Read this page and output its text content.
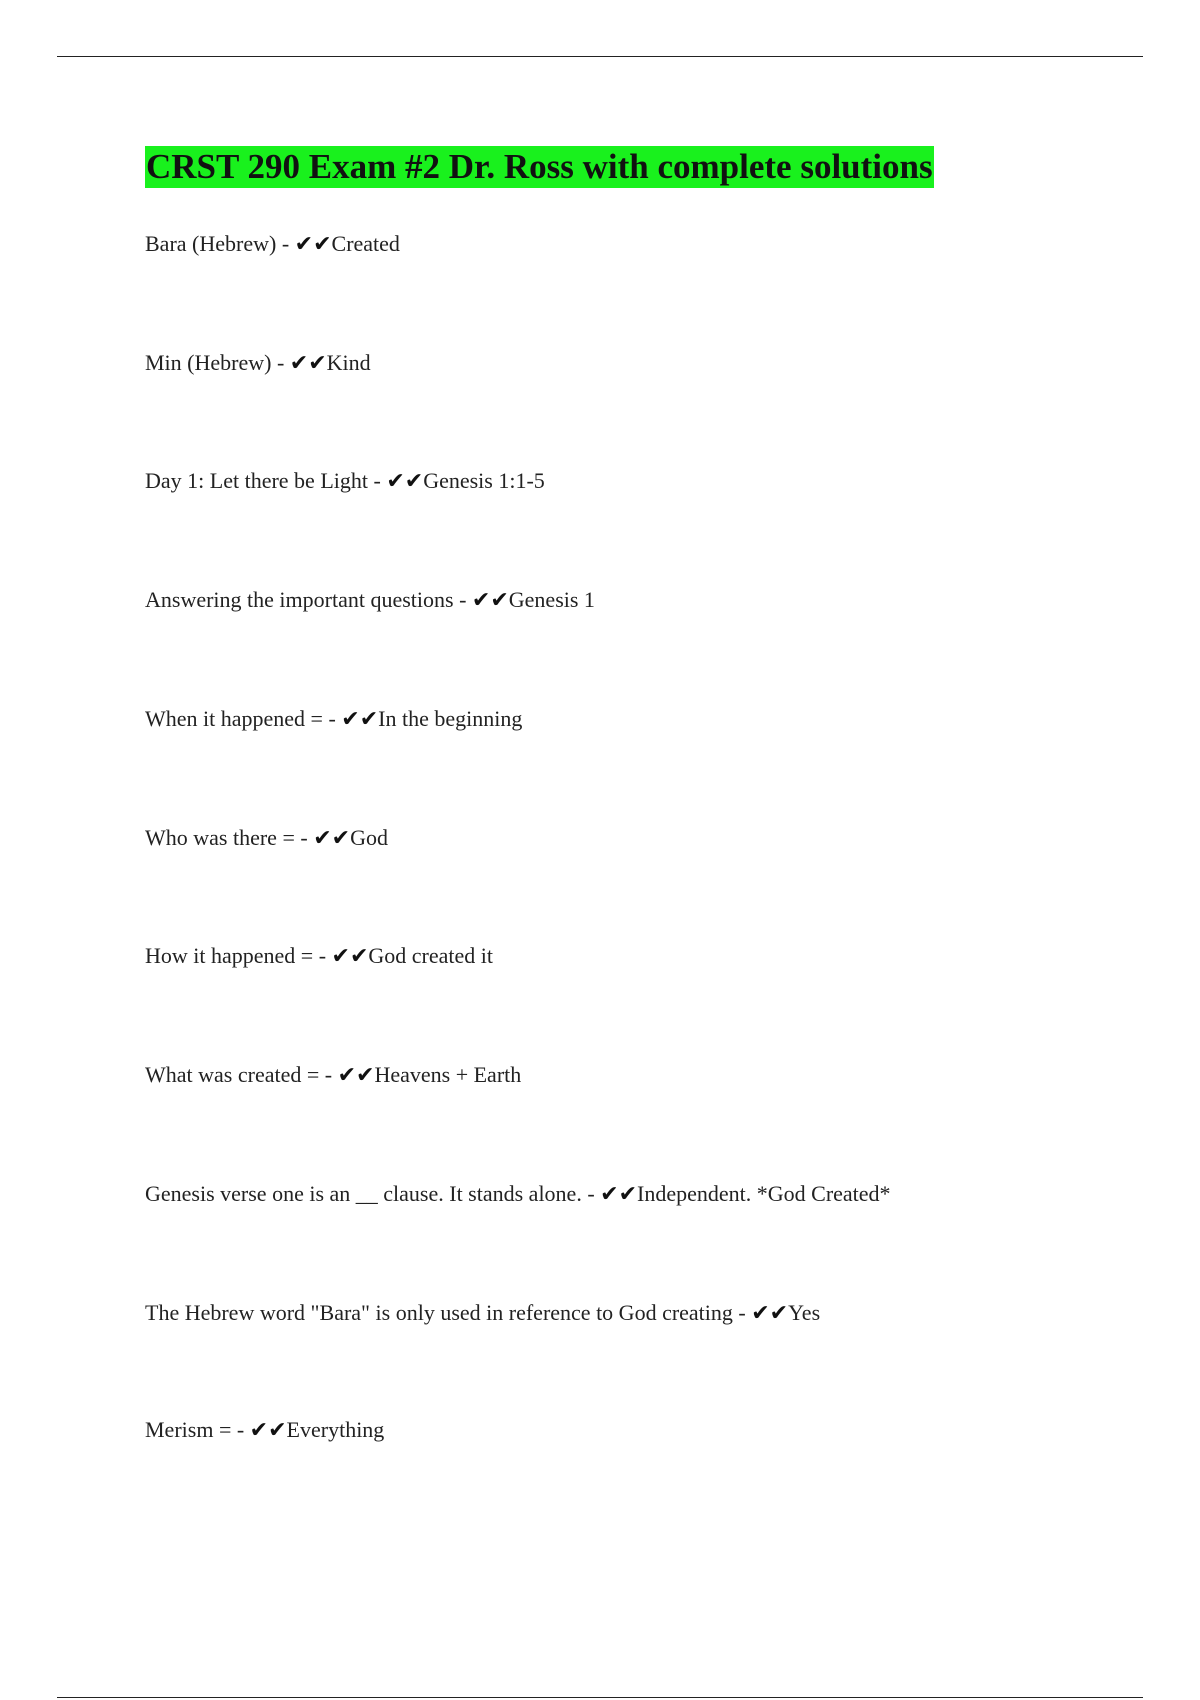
CRST 290 Exam #2 Dr. Ross with complete solutions
Bara (Hebrew) - ✔✔Created
Min (Hebrew) - ✔✔Kind
Day 1: Let there be Light - ✔✔Genesis 1:1-5
Answering the important questions - ✔✔Genesis 1
When it happened = - ✔✔In the beginning
Who was there = - ✔✔God
How it happened = - ✔✔God created it
What was created = - ✔✔Heavens + Earth
Genesis verse one is an __ clause. It stands alone. - ✔✔Independent. *God Created*
The Hebrew word "Bara" is only used in reference to God creating - ✔✔Yes
Merism = - ✔✔Everything
